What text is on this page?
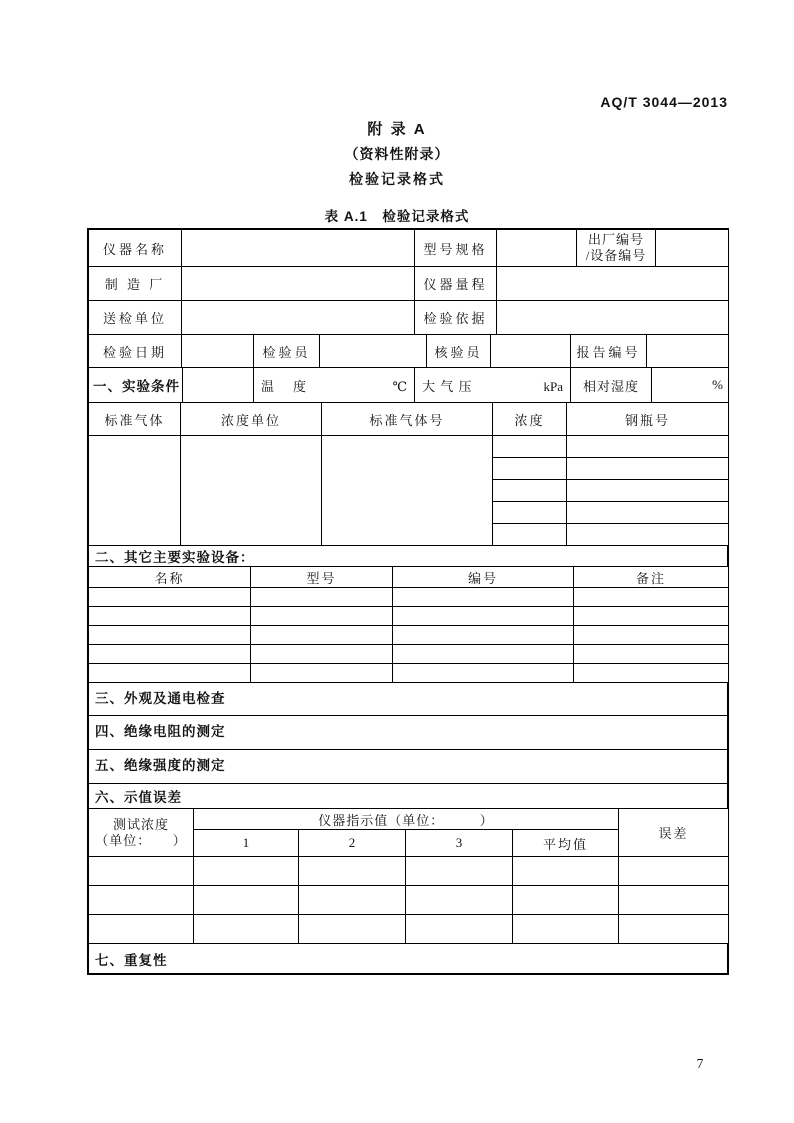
AQ/T 3044—2013
附 录 A
（资料性附录）
检验记录格式
表 A.1　检验记录格式
仪器名称		型号规格		出厂编号
/设备编号	

制 造 厂		仪器量程			
送检单位		检验依据			
检验日期		检验员		核验员		报告编号	
一、实验条件		温　度	℃	大 气 压	kPa	相对湿度	%
标准气体	浓度单位	标准气体号	浓度	钢瓶号

二、其它主要实验设备：
名称	型号	编号	备注

三、外观及通电检查
四、绝缘电阻的测定
五、绝缘强度的测定
六、示值误差
测试浓度
（单位：　　）	仪器指示值（单位：　　　）				误差
	1	2	3	平均值	

七、重复性
7
